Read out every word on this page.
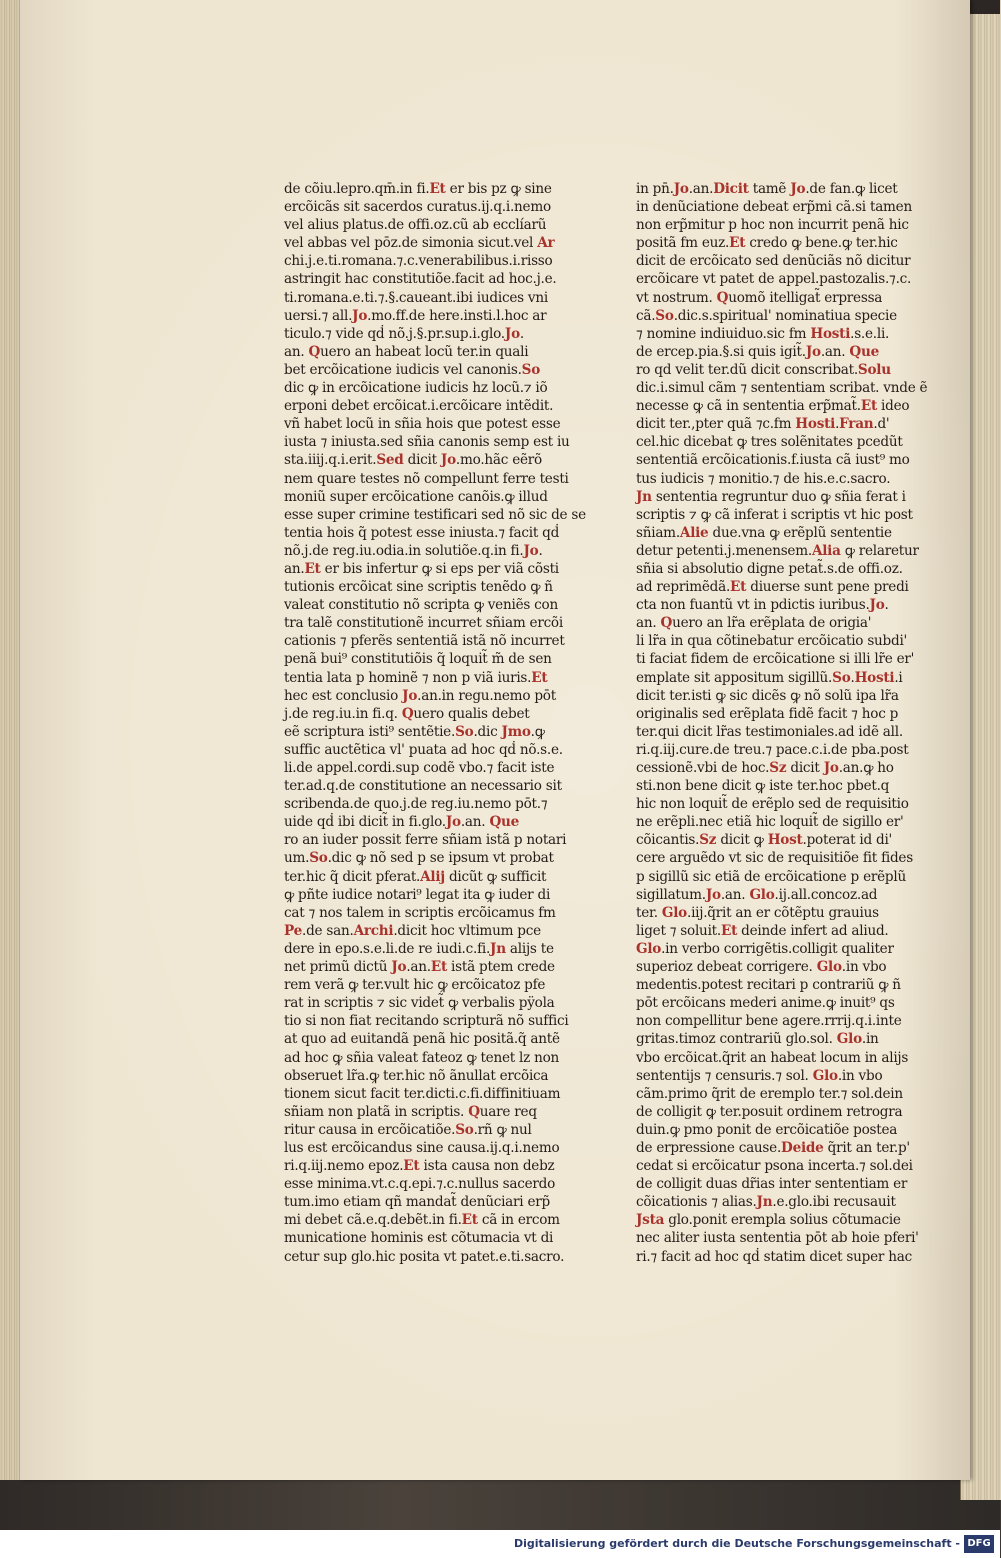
de cõiu.lepro.qm̄.in fi.Et er bis pz ꝙ sine
ercõicãs sit sacerdos curatus.ij.q.i.nemo
vel alius platus.de offi.oz.cũ ab ecclíarũ
vel abbas vel pōz.de simonia sicut.vel Ar
chi.j.e.ti.romana.⁊.c.venerabilibus.i.risso
astringit hac constitutiõe.facit ad hoc.j.e.
ti.romana.e.ti.⁊.§.caueant.ibi iudices vni
uersi.⁊ all.Jo.mo.ff.de here.insti.l.hoc ar
ticulo.⁊ vide qḋ nõ.j.§.pr.sup.i.glo.Jo.
an. Quero an habeat locũ ter.in quali
bet ercõicatione iudicis vel canonis.So
dic ꝙ in ercõicatione iudicis hz locũ.⁊ iõ
erponi debet ercõicat.i.ercõicare intẽdit.
vñ habet locũ in sñia hois que potest esse
iusta ⁊ iniusta.sed sñia canonis semp est iu
sta.iiij.q.i.erit.Sed dicit Jo.mo.hãc eẽrõ
nem quare testes nõ compellunt ferre testi
moniũ super ercõicatione canõis.ꝙ illud
esse super crimine testificari sed nõ sic de se
tentia hois q̃ potest esse iniusta.⁊ facit qḋ
nõ.j.de reg.iu.odia.in solutiõe.q.in fi.Jo.
an.Et er bis infertur ꝙ si eps per viã cõsti
tutionis ercõicat sine scriptis tenẽdo ꝙ ñ
valeat constitutio nõ scripta ꝙ veniẽs con
tra talẽ constitutionẽ incurret sñiam ercõi
cationis ⁊ pferẽs sententiã istã nõ incurret
penã bui⁹ constitutiõis q̃ loquit̃ m̃ de sen
tentia lata p hominẽ ⁊ non p viã iuris.Et
hec est conclusio Jo.an.in regu.nemo pōt
j.de reg.iu.in fi.q. Quero qualis debet
eẽ scriptura isti⁹ sentẽtie.So.dic Jmo.ꝙ
suffic auctẽtica vl' puata ad hoc qḋ nõ.s.e.
li.de appel.cordi.sup codẽ vbo.⁊ facit iste
ter.ad.q.de constitutione an necessario sit
scribenda.de quo.j.de reg.iu.nemo pōt.⁊
uide qḋ ibi dicit̃ in fi.glo.Jo.an. Que
ro an iuder possit ferre sñiam istã p notari
um.So.dic ꝙ nõ sed p se ipsum vt probat
ter.hic q̃ dicit pferat.Alij dicũt ꝙ sufficit
ꝙ pñte iudice notari⁹ legat ita ꝙ iuder di
cat ⁊ nos talem in scriptis ercõicamus fm
Pe.de san.Archi.dicit hoc vltimum pce
dere in epo.s.e.li.de re iudi.c.fi.Jn alijs te
net primũ dictũ Jo.an.Et istã ptem crede
rem verã ꝙ ter.vult hic ꝙ ercõicatoz pfe
rat in scriptis ⁊ sic videt̃ ꝙ verbalis pÿola
tio si non fiat recitando scripturã nõ suffici
at quo ad euitandã penã hic positã.q̃ antẽ
ad hoc ꝙ sñia valeat fateoz ꝙ tenet lz non
obseruet lr̃a.ꝙ ter.hic nõ ãnullat ercõica
tionem sicut facit ter.dicti.c.fi.diffinitiuam
sñiam non platã in scriptis. Quare req
ritur causa in ercõicatiõe.So.rñ ꝙ nul
lus est ercõicandus sine causa.ij.q.i.nemo
ri.q.iij.nemo epoz.Et ista causa non debz
esse minima.vt.c.q.epi.⁊.c.nullus sacerdo
tum.imo etiam qñ mandat̃ denũciari erp̃
mi debet cã.e.q.debẽt.in fi.Et cã in ercom
municatione hominis est cõtumacia vt di
cetur sup glo.hic posita vt patet.e.ti.sacro.
in pn̄.Jo.an.Dicit tamẽ Jo.de fan.ꝙ licet
in denũciatione debeat erp̃mi cã.si tamen
non erp̃mitur p hoc non incurrit penã hic
positã fm euz.Et credo ꝙ bene.ꝙ ter.hic
dicit de ercõicato sed denũciãs nõ dicitur
ercõicare vt patet de appel.pastozalis.⁊.c.
vt nostrum. Quomõ itelligat̃ erpressa
cã.So.dic.s.spiritual' nominatiua specie
⁊ nomine indiuiduo.sic fm Hosti.s.e.li.
de ercep.pia.§.si quis igit̃.Jo.an. Que
ro qd velit ter.dũ dicit conscribat.Solu
dic.i.simul cãm ⁊ sententiam scribat. vnde ẽ
necesse ꝙ cã in sententia erp̃mat̃.Et ideo
dicit ter.,pter quã ⁊c.fm Hosti.Fran.d'
cel.hic dicebat ꝙ tres solẽnitates pcedũt
sententiã ercõicationis.f.iusta cã iust⁹ mo
tus iudicis ⁊ monitio.⁊ de his.e.c.sacro.
Jn sententia regruntur duo ꝙ sñia ferat i
scriptis ⁊ ꝙ cã inferat i scriptis vt hic post
sñiam.Alie due.vna ꝙ erẽplũ sententie
detur petenti.j.menensem.Alia ꝙ relaretur
sñia si absolutio digne petat̃.s.de offi.oz.
ad reprimẽdã.Et diuerse sunt pene predi
cta non fuantũ vt in pdictis iuribus.Jo.
an. Quero an lr̃a erẽplata de origia'
li lr̃a in qua cõtinebatur ercõicatio subdi'
ti faciat fidem de ercõicatione si illi lr̃e er'
emplate sit appositum sigillũ.So.Hosti.i
dicit ter.isti ꝙ sic dicẽs ꝙ nõ solũ ipa lr̃a
originalis sed erẽplata fidẽ facit ⁊ hoc p
ter.qui dicit lr̃as testimoniales.ad idẽ all.
ri.q.iij.cure.de treu.⁊ pace.c.i.de pba.post
cessionẽ.vbi de hoc.Sz dicit Jo.an.ꝙ ho
sti.non bene dicit ꝙ iste ter.hoc pbet.q
hic non loquit̃ de erẽplo sed de requisitio
ne erẽpli.nec etiã hic loquit̃ de sigillo er'
cõicantis.Sz dicit ꝙ Host.poterat id di'
cere arguẽdo vt sic de requisitiõe fit fides
p sigillũ sic etiã de ercõicatione p erẽplũ
sigillatum.Jo.an. Glo.ij.all.concoz.ad
ter. Glo.iij.q̃rit an er cõtẽptu grauius
liget ⁊ soluit.Et deinde infert ad aliud.
Glo.in verbo corrigẽtis.colligit qualiter
superioz debeat corrigere. Glo.in vbo
medentis.potest recitari p contrariũ ꝙ ñ
pōt ercõicans mederi anime.ꝙ inuit⁹ qs
non compellitur bene agere.rrrij.q.i.inte
gritas.timoz contrariũ glo.sol. Glo.in
vbo ercõicat.q̃rit an habeat locum in alijs
sententijs ⁊ censuris.⁊ sol. Glo.in vbo
cãm.primo q̃rit de eremplo ter.⁊ sol.dein
de colligit ꝙ ter.posuit ordinem retrogra
duin.ꝙ pmo ponit de ercõicatiõe postea
de erpressione cause.Deide q̃rit an ter.p'
cedat si ercõicatur psona incerta.⁊ sol.dei
de colligit duas dr̃ias inter sententiam er
cõicationis ⁊ alias.Jn.e.glo.ibi recusauit
Jsta glo.ponit erempla solius cõtumacie
nec aliter iusta sententia pōt ab hoie pferi'
ri.⁊ facit ad hoc qḋ statim dicet super hac
Digitalisierung gefördert durch die Deutsche Forschungsgemeinschaft - DFG
